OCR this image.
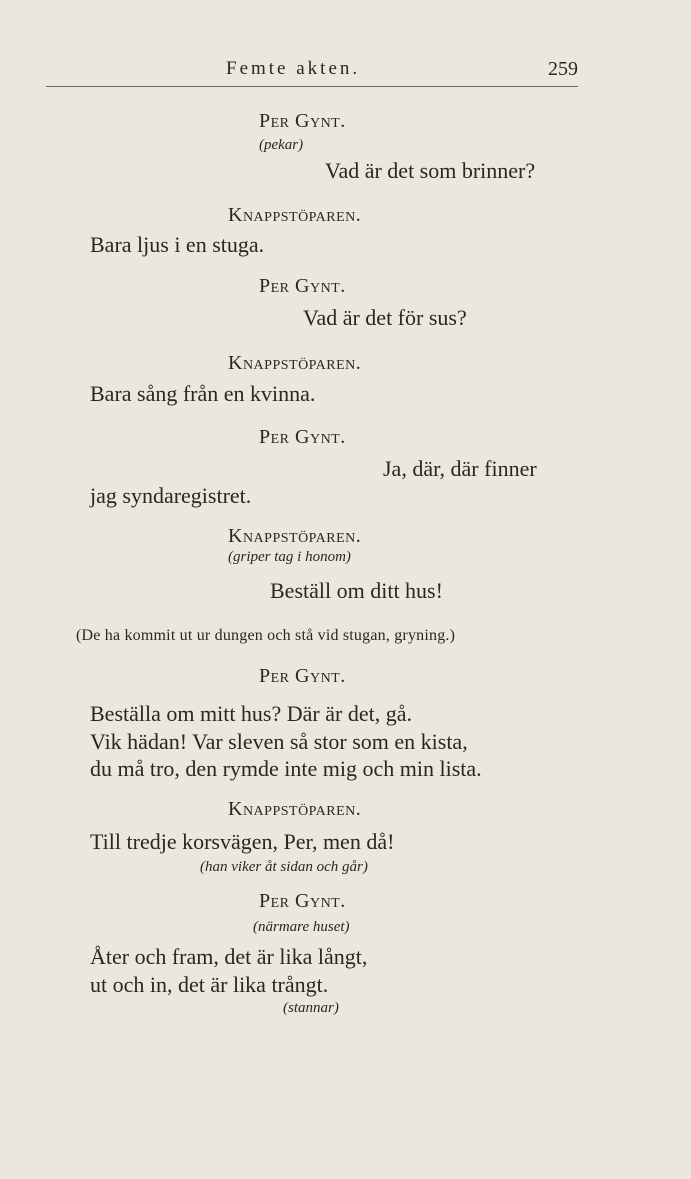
Femte akten.	259
Per Gynt.
(pekar)
Vad är det som brinner?
Knappstöparen.
Bara ljus i en stuga.
Per Gynt.
Vad är det för sus?
Knappstöparen.
Bara sång från en kvinna.
Per Gynt.
Ja, där, där finner
jag syndaregistret.
Knappstöparen.
(griper tag i honom)
Beställ om ditt hus!
(De ha kommit ut ur dungen och stå vid stugan, gryning.)
Per Gynt.
Beställa om mitt hus? Där är det, gå.
Vik hädan! Var sleven så stor som en kista,
du må tro, den rymde inte mig och min lista.
Knappstöparen.
Till tredje korsvägen, Per, men då!
(han viker åt sidan och går)
Per Gynt.
(närmare huset)
Åter och fram, det är lika långt,
ut och in, det är lika trångt.
(stannar)
